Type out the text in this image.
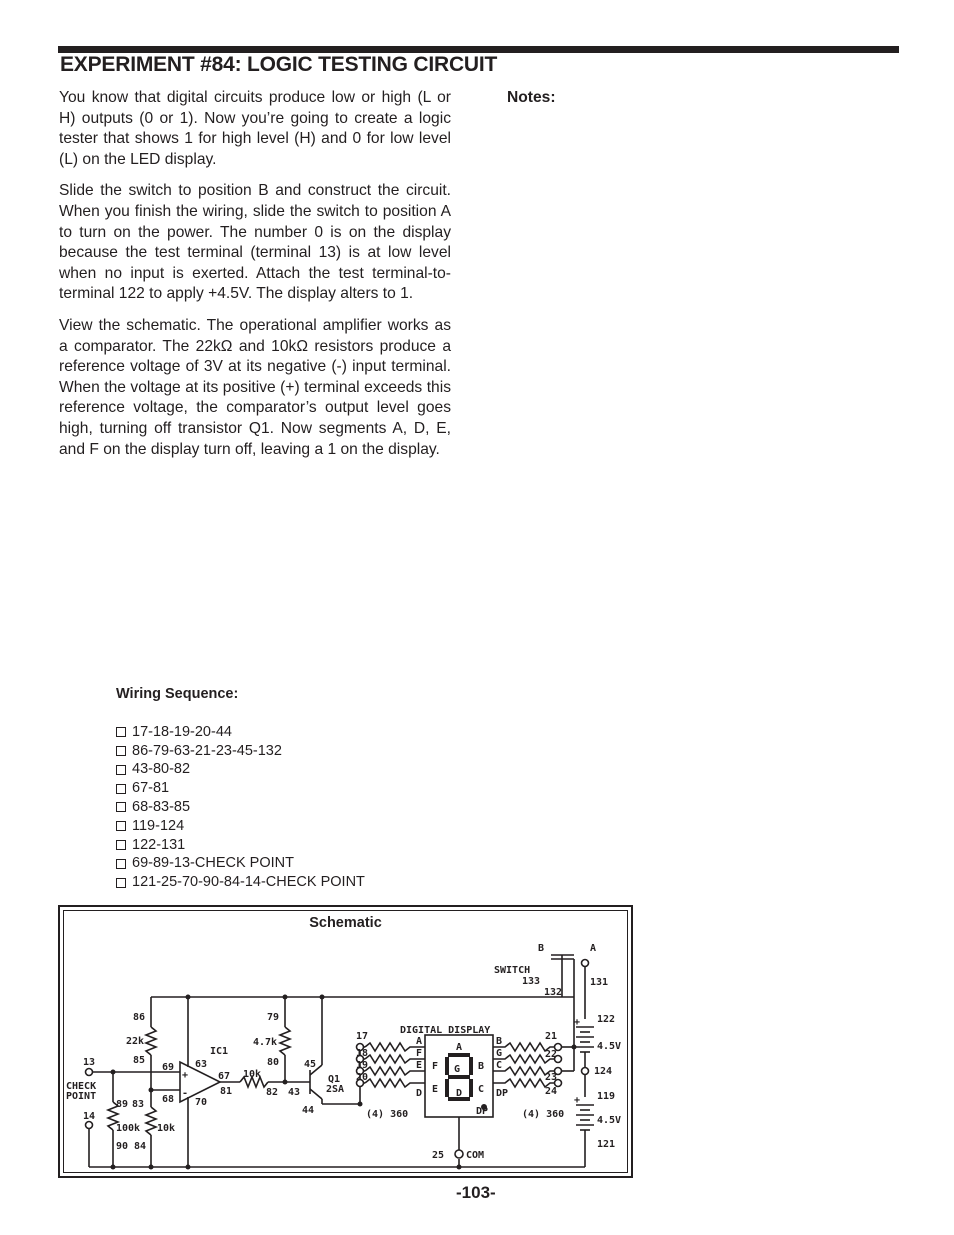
EXPERIMENT #84: LOGIC TESTING CIRCUIT

You know that digital circuits produce low or high (L or H) outputs (0 or 1). Now you’re going to create a logic tester that shows 1 for high level (H) and 0 for low level (L) on the LED display.

Slide the switch to position B and construct the circuit. When you finish the wiring, slide the switch to position A to turn on the power. The number 0 is on the display because the test terminal (terminal 13) is at low level when no input is exerted. Attach the test terminal-to-terminal 122 to apply +4.5V. The display alters to 1.

View the schematic. The operational amplifier works as a comparator. The 22kΩ and 10kΩ resistors produce a reference voltage of 3V at its negative (-) input terminal. When the voltage at its positive (+) terminal exceeds this reference voltage, the comparator’s output level goes high, turning off transistor Q1. Now segments A, D, E, and F on the display turn off, leaving a 1 on the display.

Notes:
Wiring Sequence:
17-18-19-20-44
86-79-63-21-23-45-132
43-80-82
67-81
68-83-85
119-124
122-131
69-89-13-CHECK POINT
121-25-70-90-84-14-CHECK POINT
Schematic
B	A
SWITCH
133
132
131
122
+
4.5V
124
119
+
4.5V
121
86
22k
85
13
CHECK
POINT
14
89 83
100k 10k
90 84
69
68
63
70
IC1
67
81
10k
79
4.7k
80
82 43
45
Q1
2SA
44
DIGITAL DISPLAY
17
18
19
20
(4) 360	(4) 360
21
22
23
24
A
F
E
D
A
F G B
E	C
D
DP
B
G
C
DP
25 COM
+
-
-103-
